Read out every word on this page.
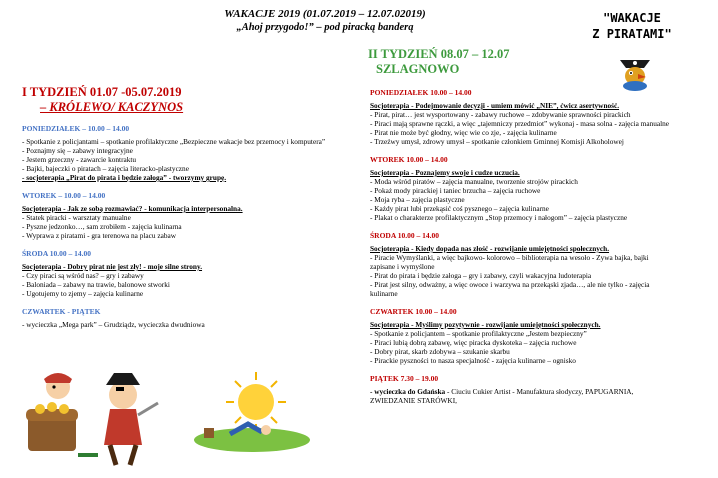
WAKACJE 2019 (01.07.2019 – 12.07.02019)
„Ahoj przygodo!” – pod piracką banderą
"WAKACJE
Z PIRATAMI"
I TYDZIEŃ 01.07 -05.07.2019
– KRÓLEWO/ KACZYNOS
PONIEDZIAŁEK – 10.00 – 14.00

- Spotkanie z policjantami – spotkanie profilaktyczne „Bezpieczne wakacje bez przemocy i komputera”

- Poznajmy się – zabawy integracyjne

- Jestem grzeczny - zawarcie kontraktu

- Bajki, bajeczki o piratach – zajęcia literacko-plastyczne

- socjoterapia „Pirat do pirata i będzie załoga” - tworzymy grupę.

WTOREK – 10.00 – 14.00

Socjoterapia - Jak ze sobą rozmawiać? - komunikacja interpersonalna.

- Statek piracki - warsztaty manualne

- Pyszne jedzonko…, sam zrobiłem - zajęcia kulinarna

- Wyprawa z piratami - gra terenowa na placu zabaw

ŚRODA 10.00 – 14.00

Socjoterapia - Dobry pirat nie jest zły! - moje silne strony.

- Czy piraci są wśród nas? – gry i zabawy

- Baloniada – zabawy na trawie, balonowe stworki

- Ugotujemy to zjemy – zajęcia kulinarne

CZWARTEK - PIĄTEK

- wycieczka „Mega park” – Grudziądz, wycieczka dwudniowa

II TYDZIEŃ 08.07 – 12.07
SZLAGNOWO
PONIEDZIAŁEK 10.00 – 14.00

Socjoterapia - Podejmowanie decyzji - umiem mówić „NIE”, ćwicz asertywność.

- Pirat, pirat… jest wysportowany - zabawy ruchowe – zdobywanie sprawności pirackich

- Piraci mają sprawne rączki, a więc „tajemniczy przedmiot” wykonaj - masa solna - zajęcia manualne

- Pirat nie może być głodny, więc wie co zje, - zajęcia kulinarne

- Trzeźwy umysł, zdrowy umysł – spotkanie członkiem Gminnej Komisji Alkoholowej

WTOREK 10.00 – 14.00

Socjoterapia - Poznajemy swoje i cudze uczucia.

- Moda wśród piratów – zajęcia manualne, tworzenie strojów pirackich

- Pokaż mody pirackiej i taniec brzucha – zajęcia ruchowe

- Moja ryba – zajęcia plastyczne

- Każdy pirat lubi przekąsić coś pysznego – zajęcia kulinarne

- Plakat o charakterze profilaktycznym „Stop przemocy i nałogom” – zajęcia plastyczne

ŚRODA 10.00 – 14.00

Socjoterapia - Kiedy dopada nas złość - rozwijanie umiejętności społecznych.

- Piracie Wymyślanki, a więc bajkowo- kolorowo – biblioterapia na wesoło - Zywa bajka, bajki zapisane i wymyślone

- Pirat do pirata i będzie załoga – gry i zabawy, czyli wakacyjna ludoterapia

- Pirat jest silny, odważny, a więc owoce i warzywa na przekąski zjada…, ale nie tylko - zajęcia kulinarne

CZWARTEK 10.00 – 14.00

Socjoterapia - Myślimy pozytywnie - rozwijanie umiejętności społecznych.

- Spotkanie z policjantem – spotkanie profilaktyczne „Jestem bezpieczny”

- Piraci lubią dobrą zabawę, więc piracka dyskoteka – zajęcia ruchowe

- Dobry pirat, skarb zdobywa – szukanie skarbu

- Pirackie pyszności to nasza specjalność - zajęcia kulinarne – ognisko

PIĄTEK 7.30 – 19.00

- wycieczka do Gdańska - Ciuciu Cukier Artist - Manufaktura słodyczy, PAPUGARNIA, ZWIEDZANIE STARÓWKI,
